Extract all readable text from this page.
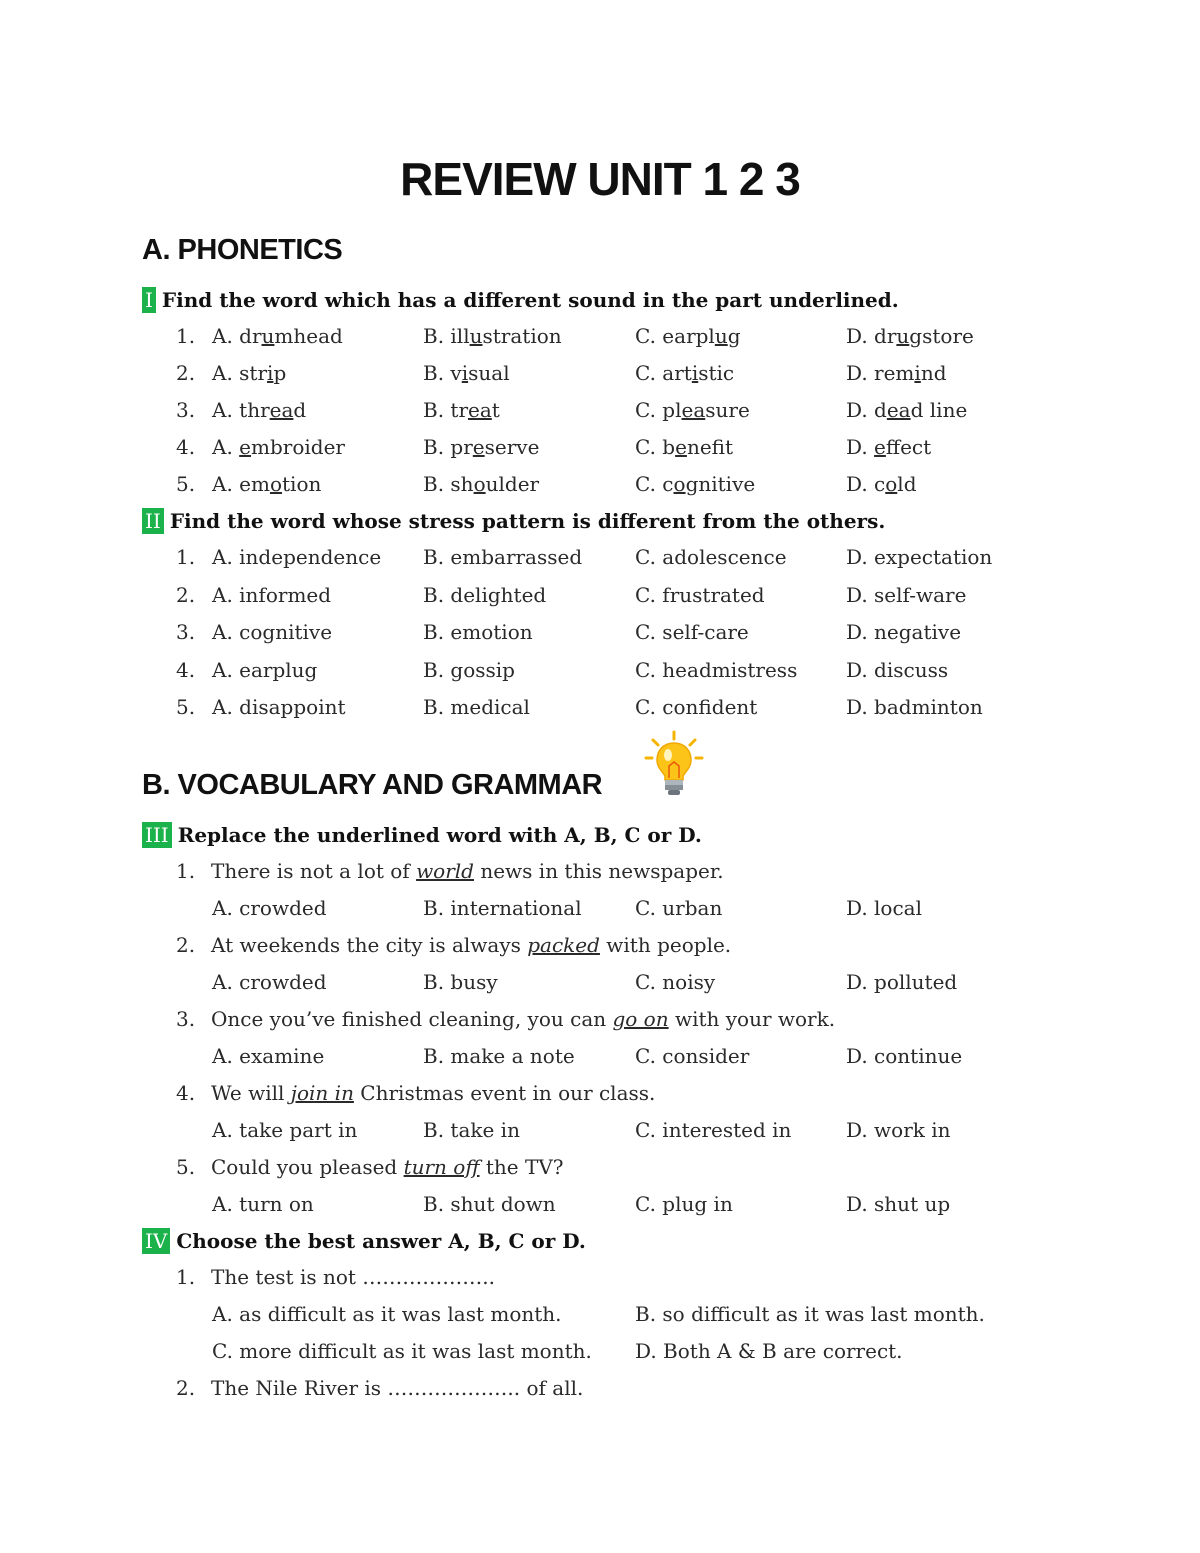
REVIEW UNIT 1 2 3
A. PHONETICS
I Find the word which has a different sound in the part underlined.
1. A. drumhead	B. illustration	C. earplug	D. drugstore
2. A. strip	B. visual	C. artistic	D. remind
3. A. thread	B. treat	C. pleasure	D. dead line
4. A. embroider	B. preserve	C. benefit	D. effect
5. A. emotion	B. shoulder	C. cognitive	D. cold
II Find the word whose stress pattern is different from the others.
1. A. independence B. embarrassed	C. adolescence	D. expectation
2. A. informed	B. delighted	C. frustrated	D. self-ware
3. A. cognitive	B. emotion	C. self-care	D. negative
4. A. earplug	B. gossip	C. headmistress D. discuss
5. A. disappoint	B. medical	C. confident	D. badminton
B. VOCABULARY AND GRAMMAR
III Replace the underlined word with A, B, C or D.
1. There is not a lot of world news in this newspaper.
A. crowded	B. international	C. urban	D. local
2. At weekends the city is always packed with people.
A. crowded	B. busy	C. noisy	D. polluted
3. Once you’ve finished cleaning, you can go on with your work.
A. examine	B. make a note	C. consider	D. continue
4. We will join in Christmas event in our class.
A. take part in	B. take in	C. interested in	D. work in
5. Could you pleased turn off the TV?
A. turn on	B. shut down	C. plug in	D. shut up
IV Choose the best answer A, B, C or D.
1. The test is not ………………..
A. as difficult as it was last month.	B. so difficult as it was last month.
C. more difficult as it was last month. D. Both A & B are correct.
2. The Nile River is ……………….. of all.
